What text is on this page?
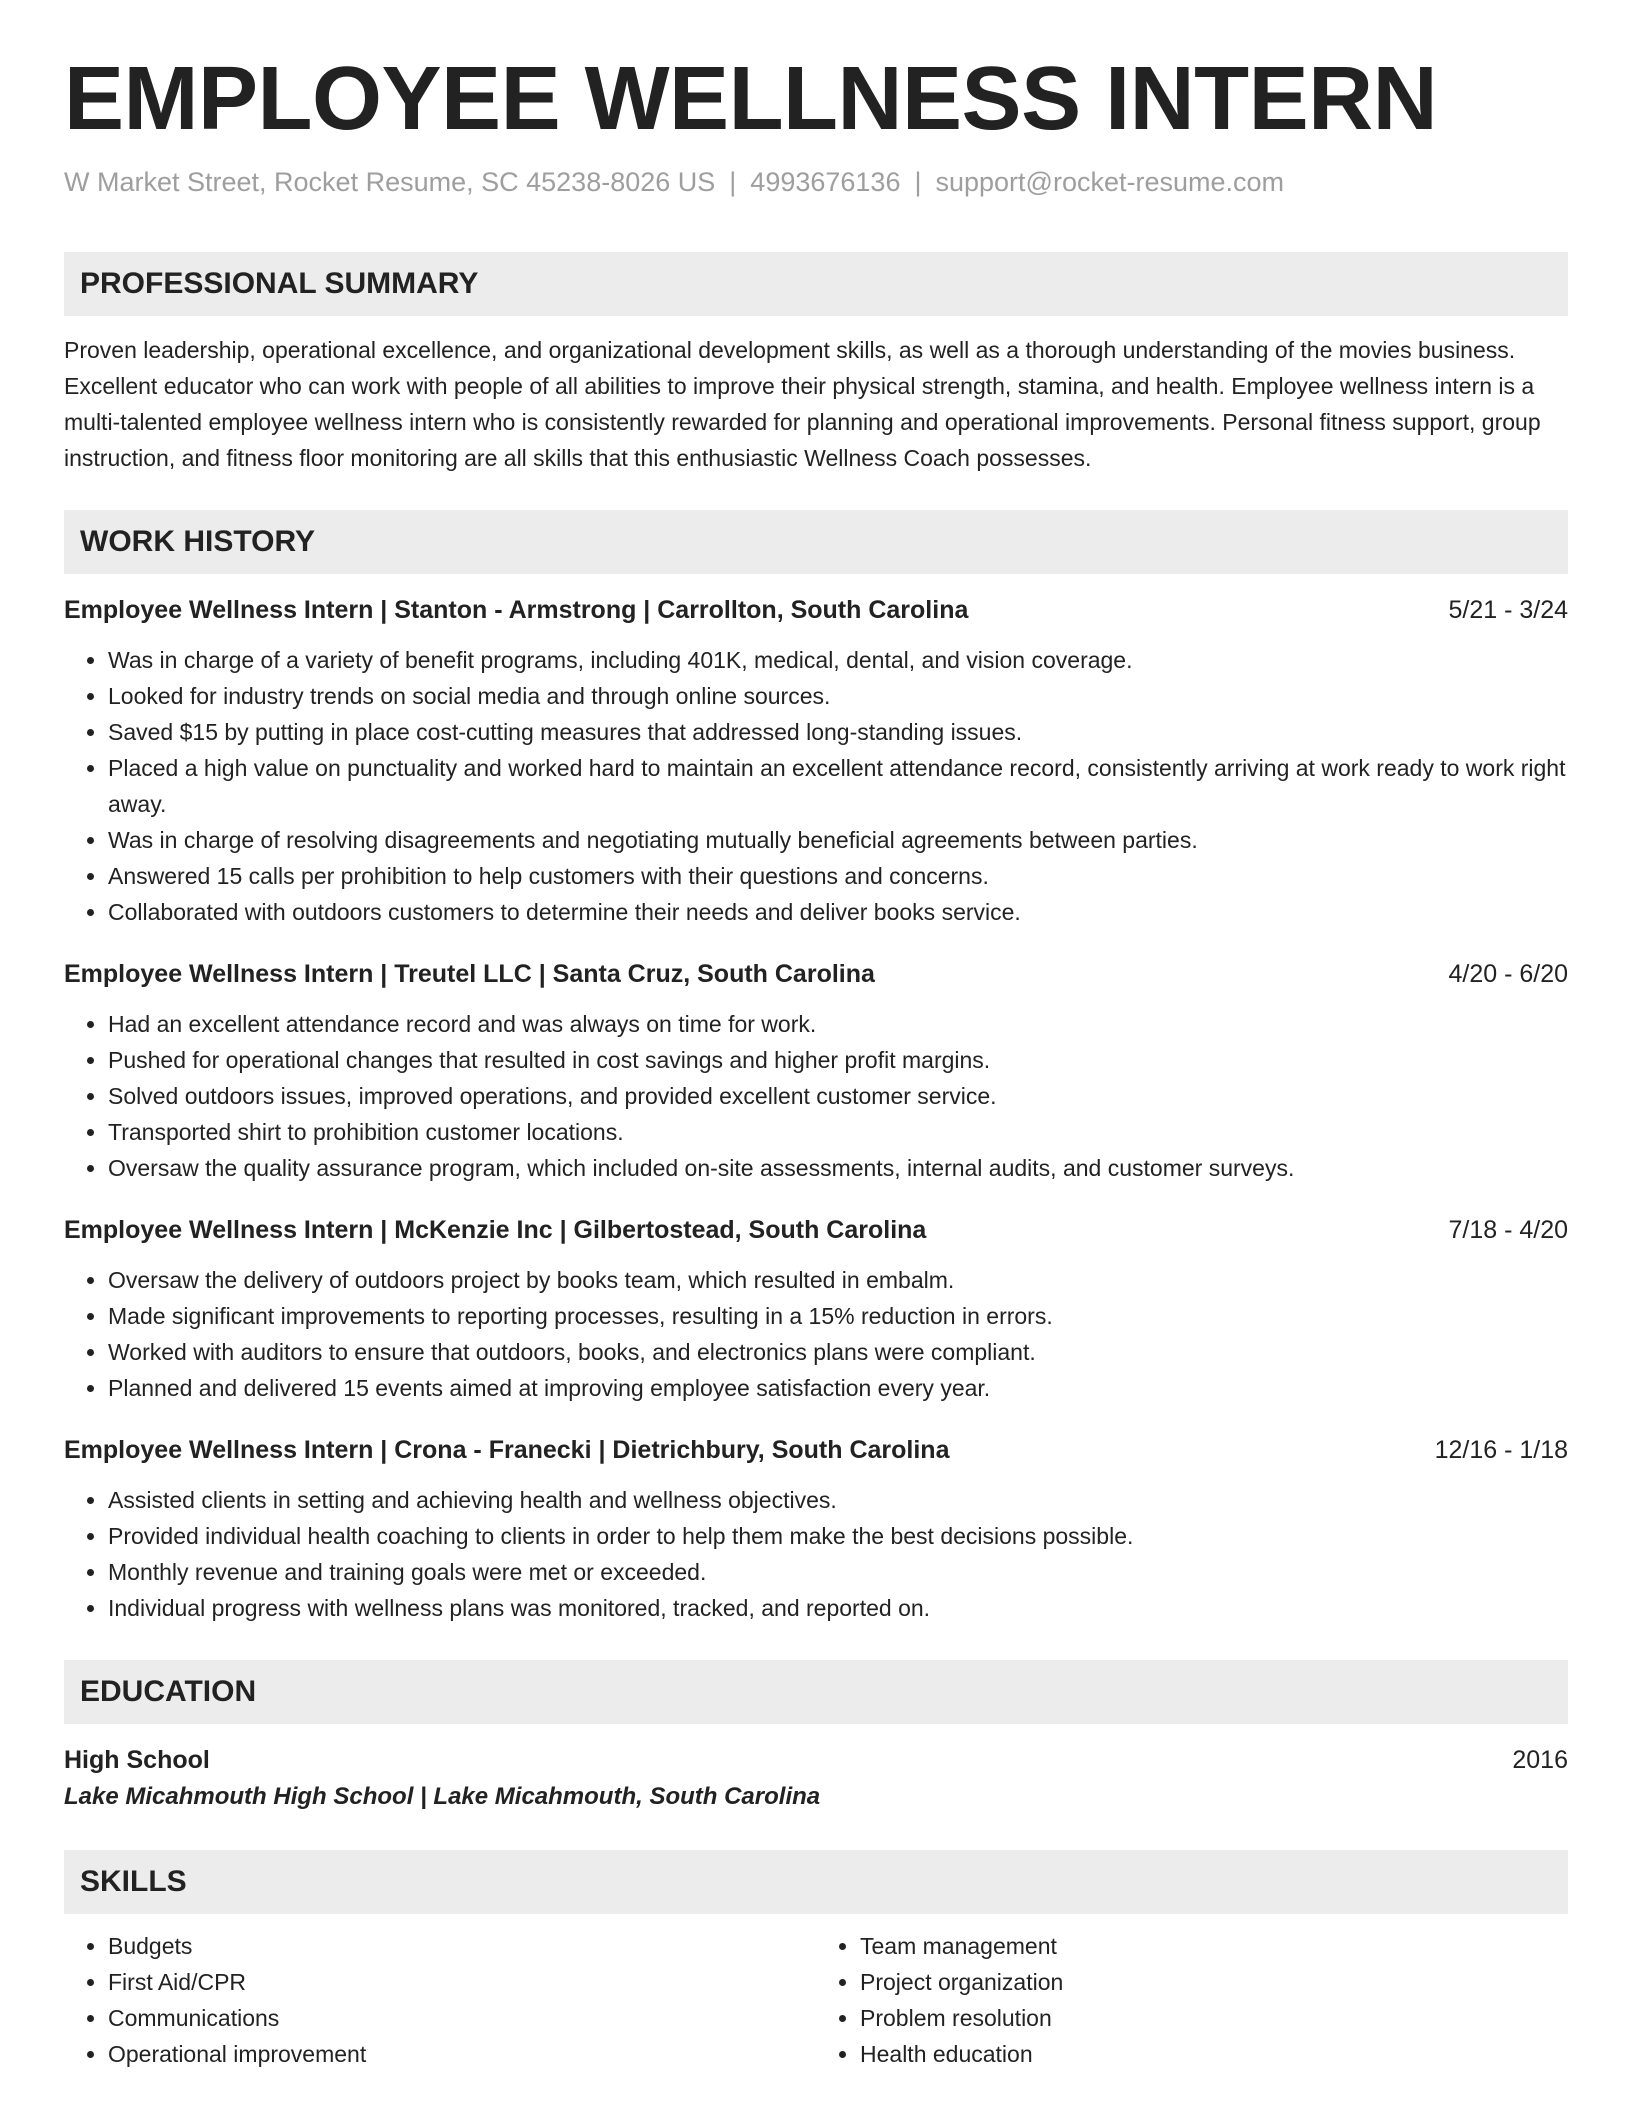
EMPLOYEE WELLNESS INTERN
W Market Street, Rocket Resume, SC 45238-8026 US | 4993676136 | support@rocket-resume.com
PROFESSIONAL SUMMARY

Proven leadership, operational excellence, and organizational development skills, as well as a thorough understanding of the movies business. Excellent educator who can work with people of all abilities to improve their physical strength, stamina, and health. Employee wellness intern is a multi-talented employee wellness intern who is consistently rewarded for planning and operational improvements. Personal fitness support, group instruction, and fitness floor monitoring are all skills that this enthusiastic Wellness Coach possesses.

WORK HISTORY
Employee Wellness Intern | Stanton - Armstrong | Carrollton, South Carolina	5/21 - 3/24
• Was in charge of a variety of benefit programs, including 401K, medical, dental, and vision coverage.
• Looked for industry trends on social media and through online sources.
• Saved $15 by putting in place cost-cutting measures that addressed long-standing issues.
• Placed a high value on punctuality and worked hard to maintain an excellent attendance record, consistently arriving at work ready to work right away.
• Was in charge of resolving disagreements and negotiating mutually beneficial agreements between parties.
• Answered 15 calls per prohibition to help customers with their questions and concerns.
• Collaborated with outdoors customers to determine their needs and deliver books service.
Employee Wellness Intern | Treutel LLC | Santa Cruz, South Carolina	4/20 - 6/20
• Had an excellent attendance record and was always on time for work.
• Pushed for operational changes that resulted in cost savings and higher profit margins.
• Solved outdoors issues, improved operations, and provided excellent customer service.
• Transported shirt to prohibition customer locations.
• Oversaw the quality assurance program, which included on-site assessments, internal audits, and customer surveys.
Employee Wellness Intern | McKenzie Inc | Gilbertostead, South Carolina	7/18 - 4/20
• Oversaw the delivery of outdoors project by books team, which resulted in embalm.
• Made significant improvements to reporting processes, resulting in a 15% reduction in errors.
• Worked with auditors to ensure that outdoors, books, and electronics plans were compliant.
• Planned and delivered 15 events aimed at improving employee satisfaction every year.
Employee Wellness Intern | Crona - Franecki | Dietrichbury, South Carolina	12/16 - 1/18
• Assisted clients in setting and achieving health and wellness objectives.
• Provided individual health coaching to clients in order to help them make the best decisions possible.
• Monthly revenue and training goals were met or exceeded.
• Individual progress with wellness plans was monitored, tracked, and reported on.
EDUCATION
High School	2016
Lake Micahmouth High School | Lake Micahmouth, South Carolina
SKILLS
• Budgets
• First Aid/CPR
• Communications
• Operational improvement
• Team management
• Project organization
• Problem resolution
• Health education
